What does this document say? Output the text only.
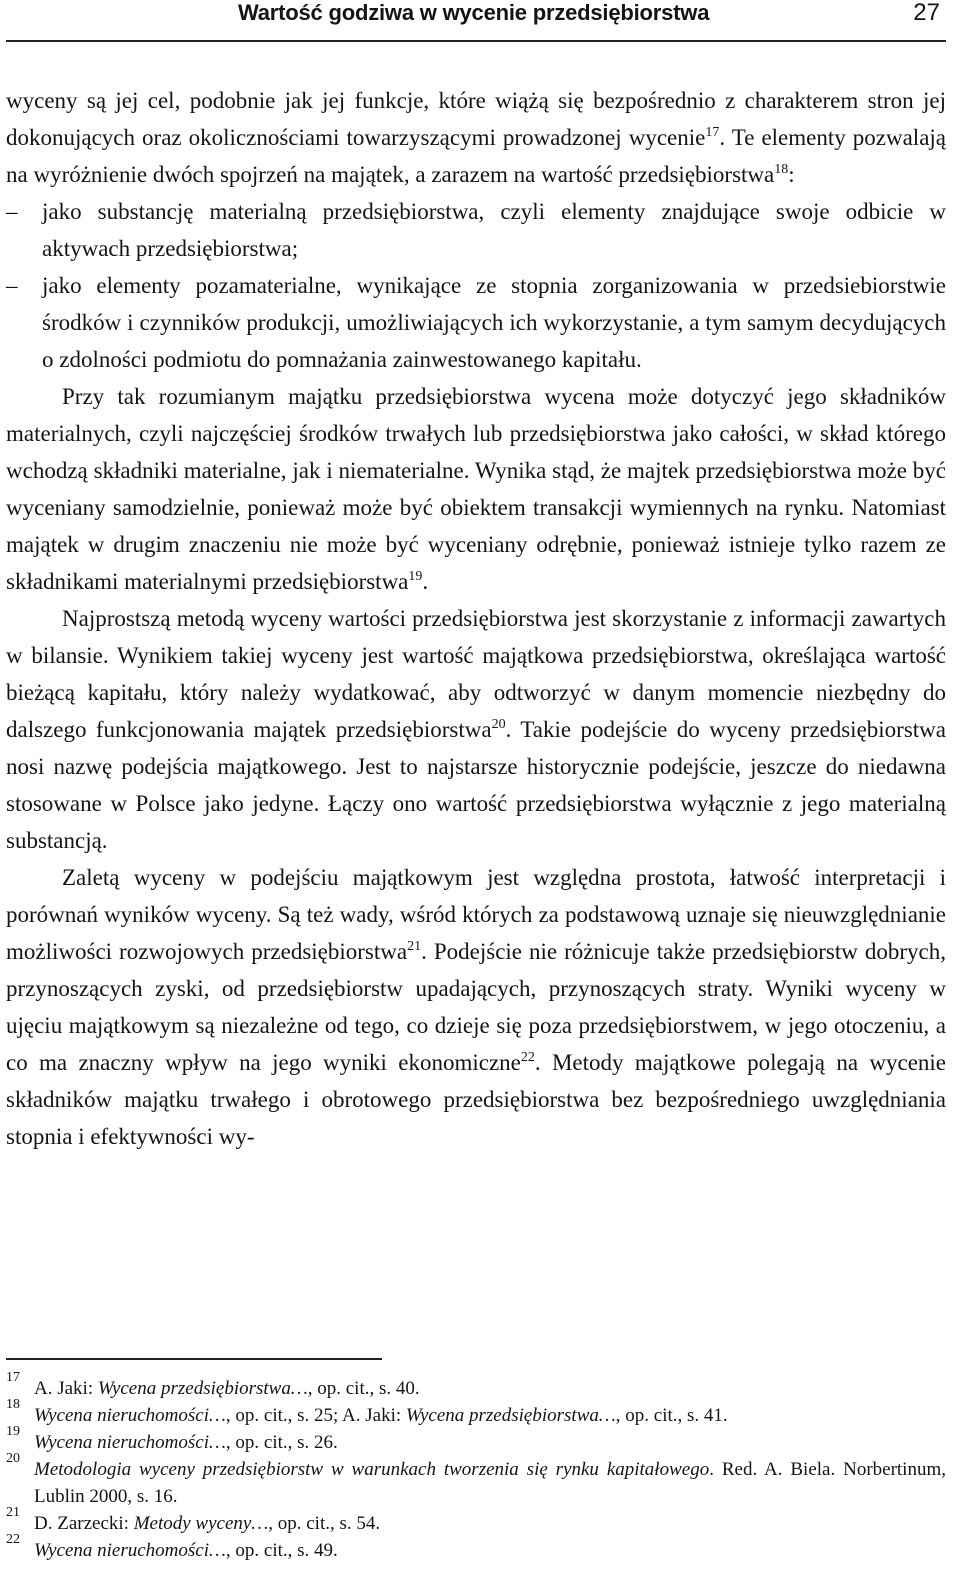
Wartość godziwa w wycenie przedsiębiorstwa	27

wyceny są jej cel, podobnie jak jej funkcje, które wiążą się bezpośrednio z charakterem stron jej dokonujących oraz okolicznościami towarzyszącymi prowadzonej wycenie$^{17}$. Te elementy pozwalają na wyróżnienie dwóch spojrzeń na majątek, a zarazem na wartość przedsiębiorstwa$^{18}$:

– jako substancję materialną przedsiębiorstwa, czyli elementy znajdujące swoje odbicie w aktywach przedsiębiorstwa;

– jako elementy pozamaterialne, wynikające ze stopnia zorganizowania w przedsiebiorstwie środków i czynników produkcji, umożliwiających ich wykorzystanie, a tym samym decydujących o zdolności podmiotu do pomnażania zainwestowanego kapitału.

Przy tak rozumianym majątku przedsiębiorstwa wycena może dotyczyć jego składników materialnych, czyli najczęściej środków trwałych lub przedsiębiorstwa jako całości, w skład którego wchodzą składniki materialne, jak i niematerialne. Wynika stąd, że majtek przedsiębiorstwa może być wyceniany samodzielnie, ponieważ może być obiektem transakcji wymiennych na rynku. Natomiast majątek w drugim znaczeniu nie może być wyceniany odrębnie, ponieważ istnieje tylko razem ze składnikami materialnymi przedsiębiorstwa$^{19}$.

Najprostszą metodą wyceny wartości przedsiębiorstwa jest skorzystanie z informacji zawartych w bilansie. Wynikiem takiej wyceny jest wartość majątkowa przedsiębiorstwa, określająca wartość bieżącą kapitału, który należy wydatkować, aby odtworzyć w danym momencie niezbędny do dalszego funkcjonowania majątek przedsiębiorstwa$^{20}$. Takie podejście do wyceny przedsiębiorstwa nosi nazwę podejścia majątkowego. Jest to najstarsze historycznie podejście, jeszcze do niedawna stosowane w Polsce jako jedyne. Łączy ono wartość przedsiębiorstwa wyłącznie z jego materialną substancją.

Zaletą wyceny w podejściu majątkowym jest względna prostota, łatwość interpretacji i porównań wyników wyceny. Są też wady, wśród których za podstawową uznaje się nieuwzględnianie możliwości rozwojowych przedsiębiorstwa$^{21}$. Podejście nie różnicuje także przedsiębiorstw dobrych, przynoszących zyski, od przedsiębiorstw upadających, przynoszących straty. Wyniki wyceny w ujęciu majątkowym są niezależne od tego, co dzieje się poza przedsiębiorstwem, w jego otoczeniu, a co ma znaczny wpływ na jego wyniki ekonomiczne$^{22}$. Metody majątkowe polegają na wycenie składników majątku trwałego i obrotowego przedsiębiorstwa bez bezpośredniego uwzględniania stopnia i efektywności wy-

17
A. Jaki: Wycena przedsiębiorstwa…, op. cit., s. 40.
18
Wycena nieruchomości…, op. cit., s. 25; A. Jaki: Wycena przedsiębiorstwa…, op. cit., s. 41.
19
Wycena nieruchomości…, op. cit., s. 26.
20
Metodologia wyceny przedsiębiorstw w warunkach tworzenia się rynku kapitałowego. Red. A. Biela. Norbertinum, Lublin 2000, s. 16.
21
D. Zarzecki: Metody wyceny…, op. cit., s. 54.
22
Wycena nieruchomości…, op. cit., s. 49.
